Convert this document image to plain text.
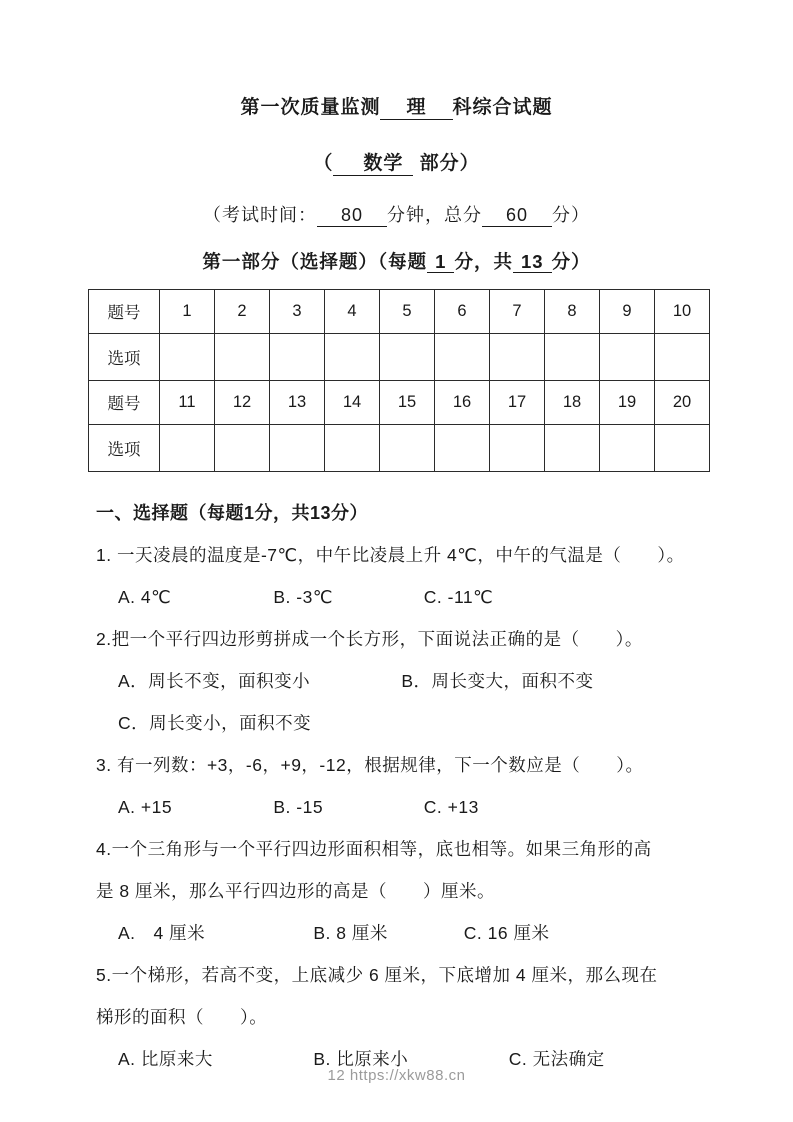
第一次质量监测 理 科综合试题
（ 数学 部分）
（考试时间： 80 分钟，总分 60 分）
第一部分（选择题）（每题 1 分，共 13 分）
题号	1	2	3	4	5	6	7	8	9	10
选项										
题号	11	12	13	14	15	16	17	18	19	20
选项										
一、选择题（每题1分，共13分）
1. 一天凌晨的温度是-7℃，中午比凌晨上升 4℃，中午的气温是（　　）。
A. 4℃	B. -3℃	C. -11℃
2.把一个平行四边形剪拼成一个长方形，下面说法正确的是（　　）。
A．周长不变，面积变小	B．周长变大，面积不变
C．周长变小，面积不变
3. 有一列数：+3，-6，+9，-12，根据规律，下一个数应是（　　）。
A. +15	B. -15	C. +13
4.一个三角形与一个平行四边形面积相等，底也相等。如果三角形的高
是 8 厘米，那么平行四边形的高是（　　）厘米。
A.　4 厘米	B. 8 厘米	C. 16 厘米
5.一个梯形，若高不变，上底减少 6 厘米，下底增加 4 厘米，那么现在
梯形的面积（　　）。
A. 比原来大	B. 比原来小	C. 无法确定
12 https://xkw88.cn
